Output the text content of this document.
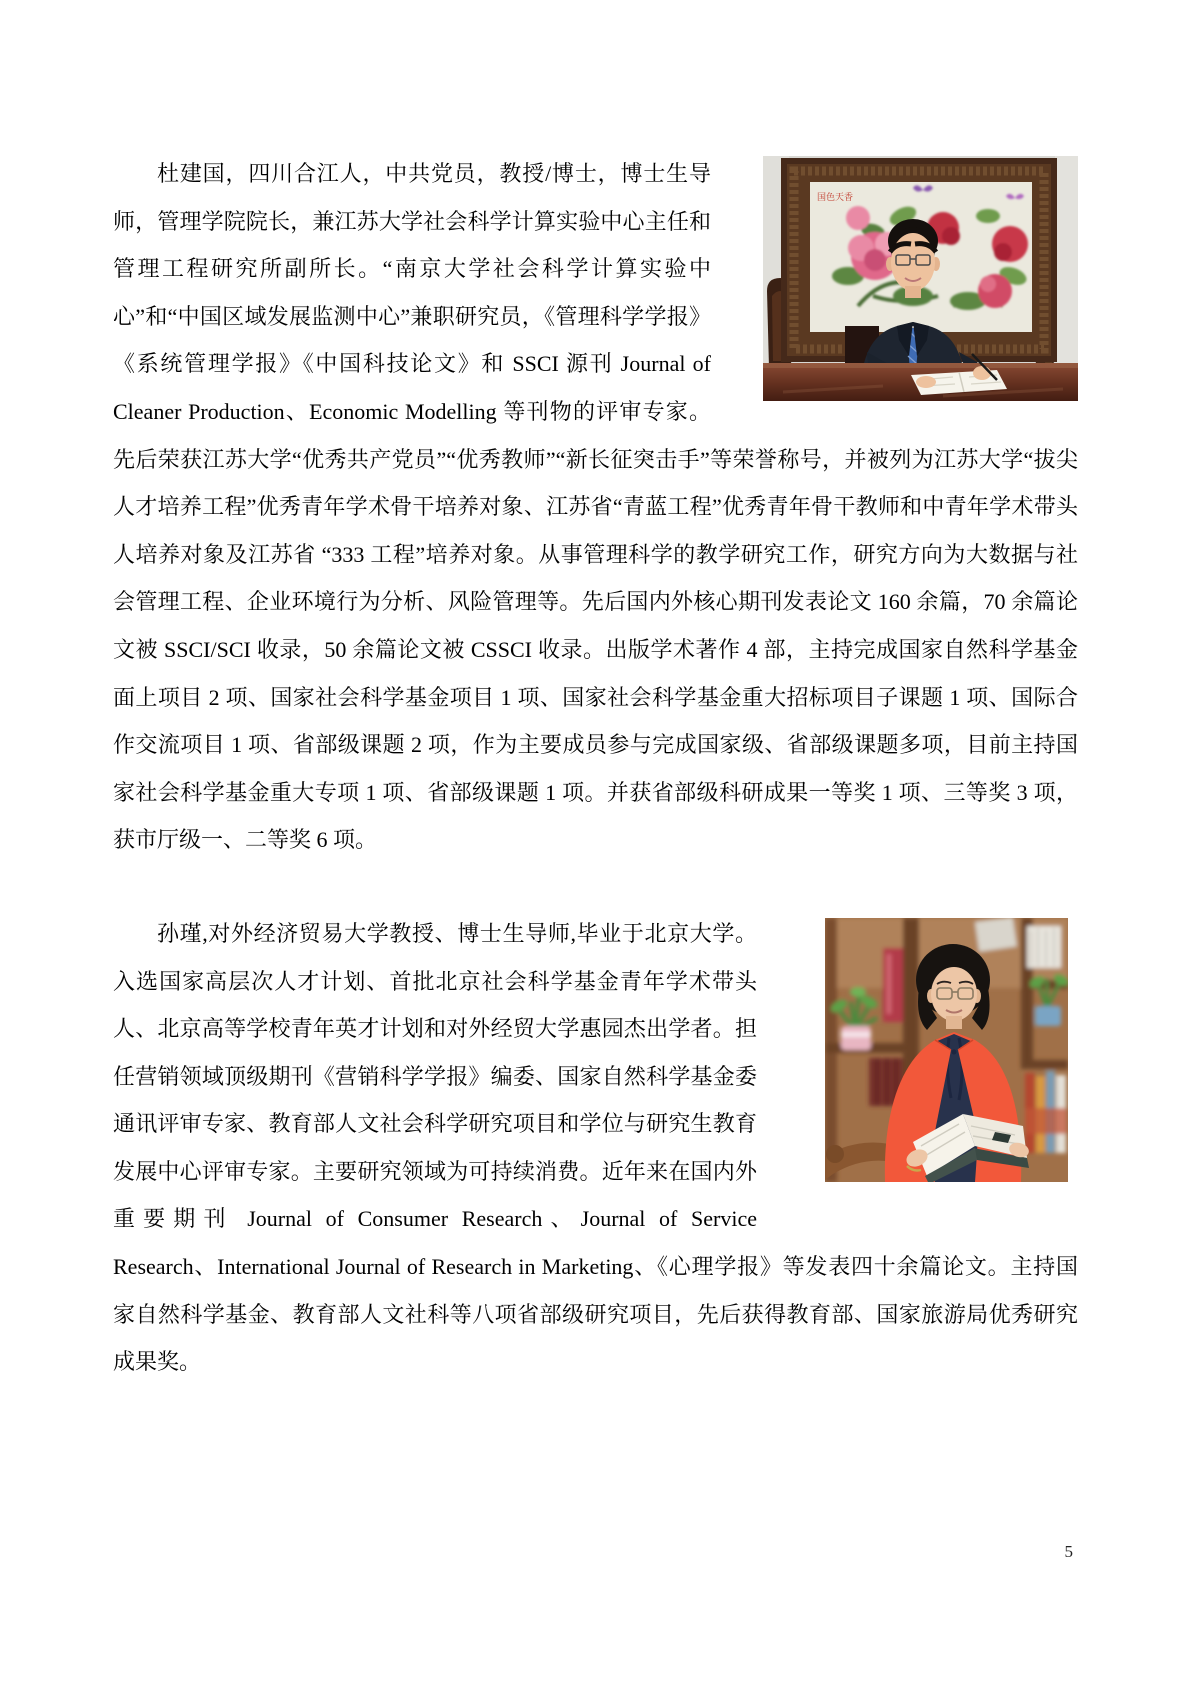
国色天香
杜建国，四川合江人，中共党员，教授/博士，博士生导师，管理学院院长，兼江苏大学社会科学计算实验中心主任和管理工程研究所副所长。“南京大学社会科学计算实验中心”和“中国区域发展监测中心”兼职研究员，《管理科学学报》《系统管理学报》《中国科技论文》和 SSCI 源刊 Journal of Cleaner Production、Economic Modelling 等刊物的评审专家。先后荣获江苏大学“优秀共产党员”“优秀教师”“新长征突击手”等荣誉称号，并被列为江苏大学“拔尖人才培养工程”优秀青年学术骨干培养对象、江苏省“青蓝工程”优秀青年骨干教师和中青年学术带头人培养对象及江苏省 “333 工程”培养对象。从事管理科学的教学研究工作，研究方向为大数据与社会管理工程、企业环境行为分析、风险管理等。先后国内外核心期刊发表论文 160 余篇，70 余篇论文被 SSCI/SCI 收录，50 余篇论文被 CSSCI 收录。出版学术著作 4 部，主持完成国家自然科学基金面上项目 2 项、国家社会科学基金项目 1 项、国家社会科学基金重大招标项目子课题 1 项、国际合作交流项目 1 项、省部级课题 2 项，作为主要成员参与完成国家级、省部级课题多项，目前主持国家社会科学基金重大专项 1 项、省部级课题 1 项。并获省部级科研成果一等奖 1 项、三等奖 3 项，获市厅级一、二等奖 6 项。

孙瑾,对外经济贸易大学教授、博士生导师,毕业于北京大学。入选国家高层次人才计划、首批北京社会科学基金青年学术带头人、北京高等学校青年英才计划和对外经贸大学惠园杰出学者。担任营销领域顶级期刊《营销科学学报》编委、国家自然科学基金委通讯评审专家、教育部人文社会科学研究项目和学位与研究生教育发展中心评审专家。主要研究领域为可持续消费。近年来在国内外重要期刊 Journal of Consumer Research、Journal of Service Research、International Journal of Research in Marketing、《心理学报》等发表四十余篇论文。主持国家自然科学基金、教育部人文社科等八项省部级研究项目，先后获得教育部、国家旅游局优秀研究成果奖。

5
